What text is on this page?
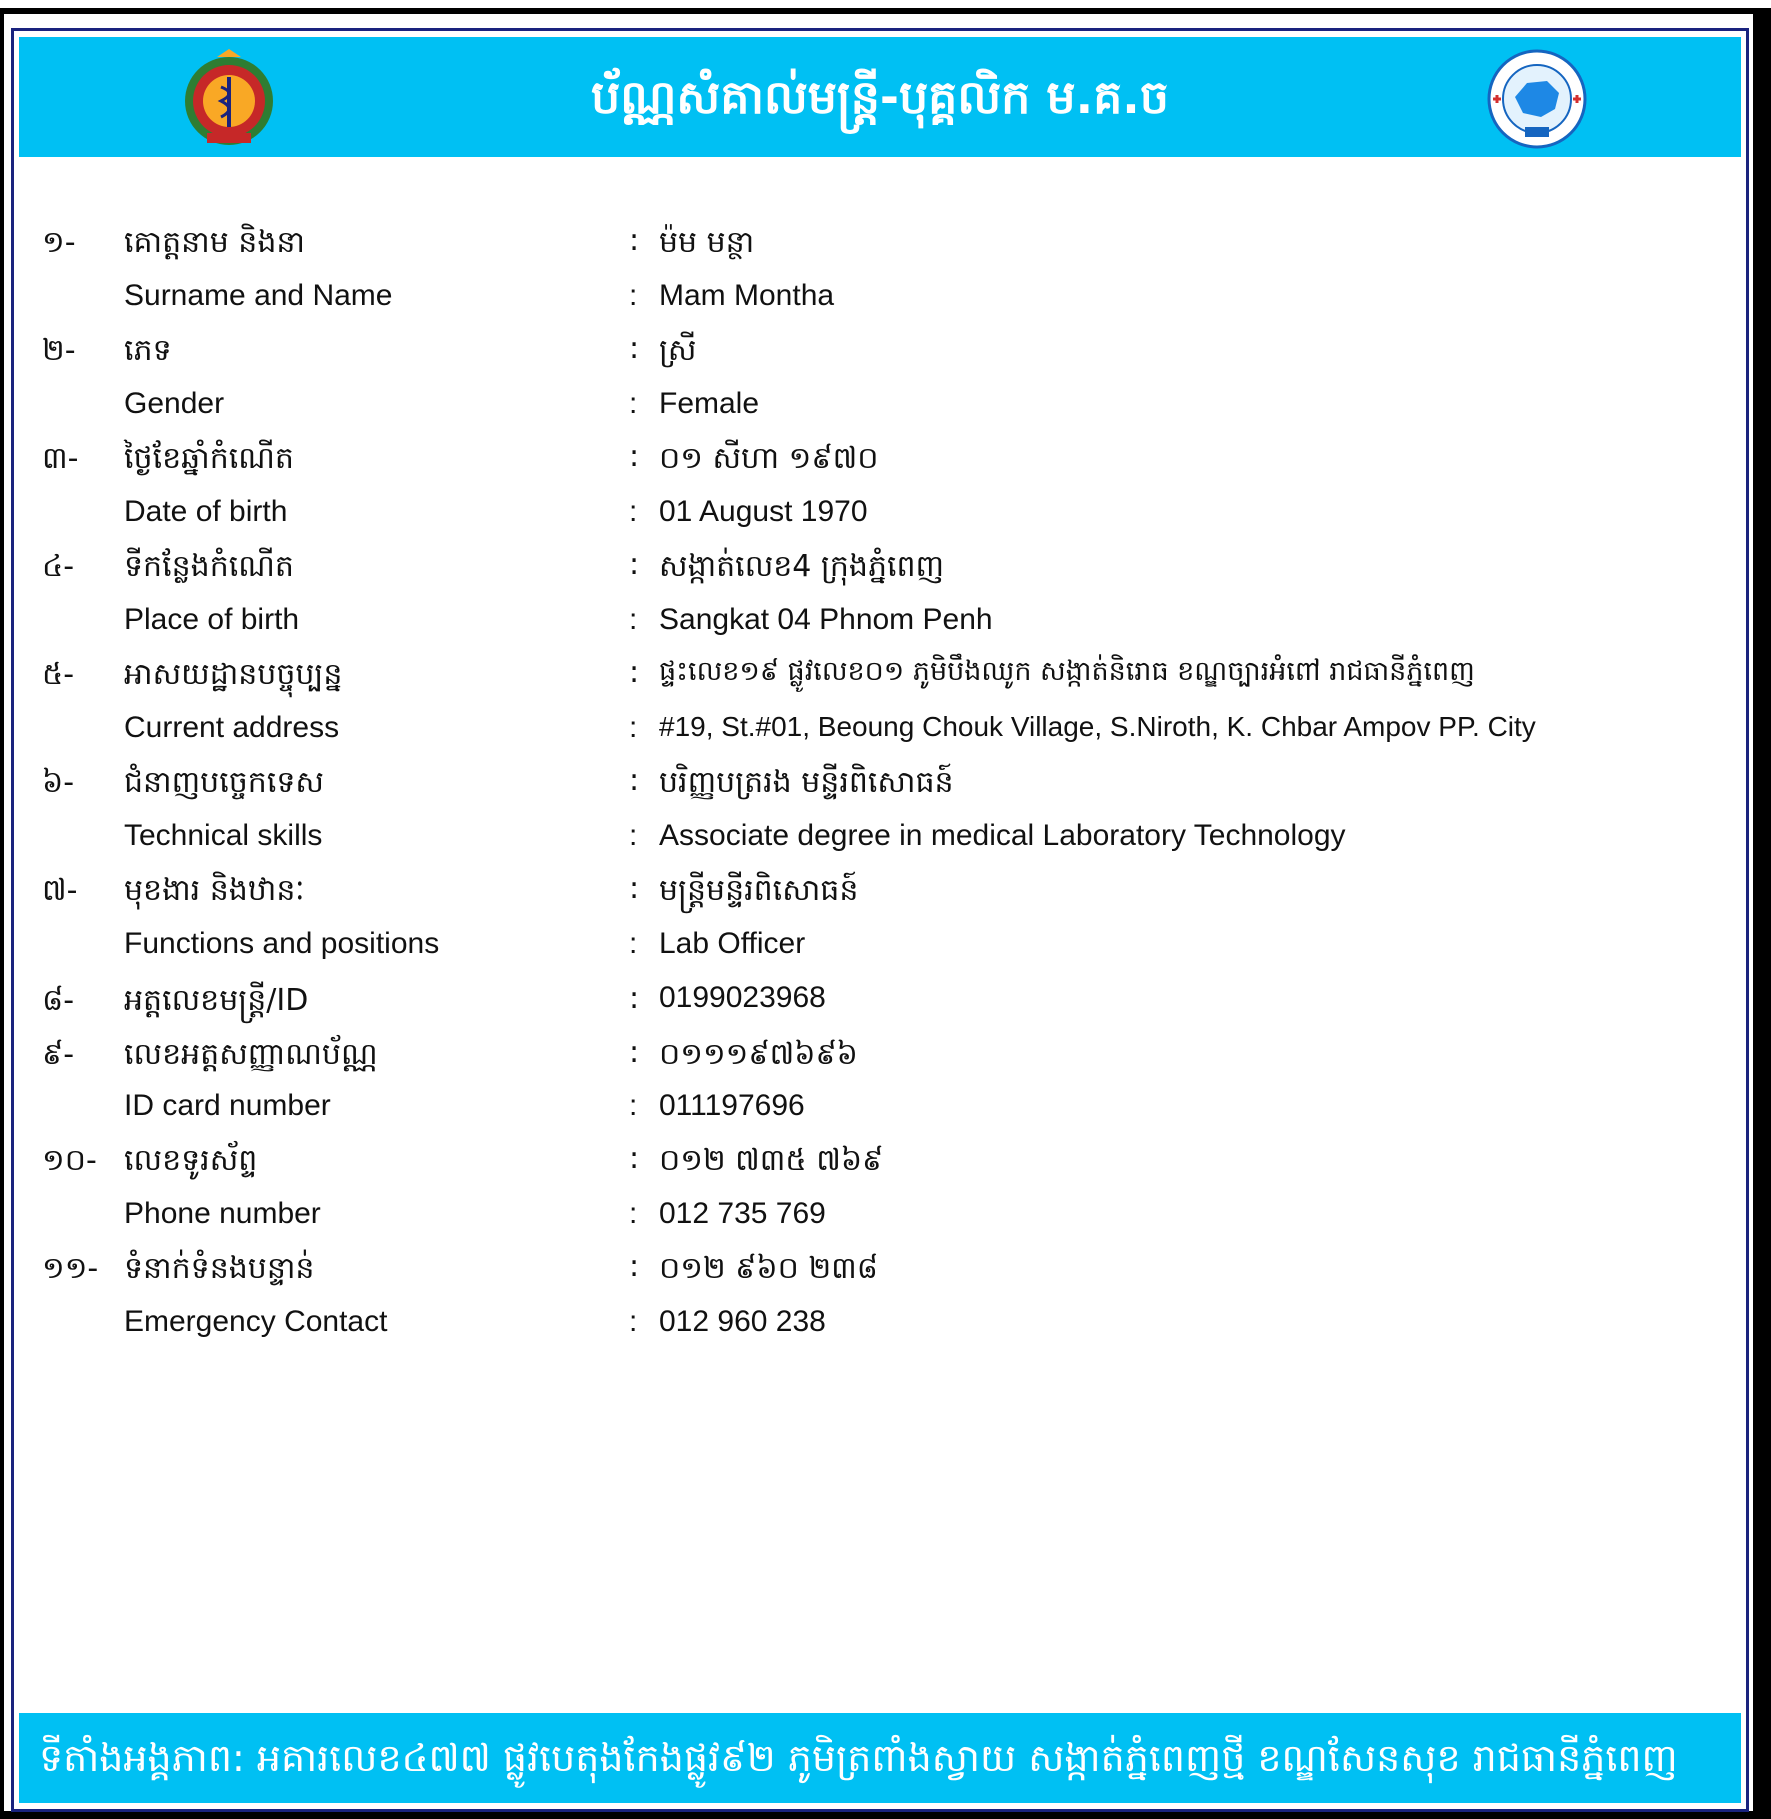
ប័ណ្ណសំគាល់មន្រ្តី-បុគ្គលិក ម.គ.ច
១- គោត្តនាម និងនា	: ម៉ម មន្ថា
Surname and Name	: Mam Montha
២- ភេទ	: ស្រី
Gender	: Female
៣- ថ្ងៃខែឆ្នាំកំណើត	: ០១ សីហា ១៩៧០
Date of birth	: 01 August 1970
៤- ទីកន្លែងកំណើត	: សង្កាត់លេខ4 ក្រុងភ្នំពេញ
Place of birth	: Sangkat 04 Phnom Penh
៥- អាសយដ្ឋានបច្ចុប្បន្ន	: ផ្ទះលេខ១៩ ផ្លូវលេខ០១ ភូមិបឹងឈូក សង្កាត់និរោធ ខណ្ឌច្បារអំពៅ រាជធានីភ្នំពេញ
Current address	: #19, St.#01, Beoung Chouk Village, S.Niroth, K. Chbar Ampov PP. City
៦- ជំនាញបច្ចេកទេស	: បរិញ្ញបត្ររង មន្ទីរពិសោធន៍
Technical skills	: Associate degree in medical Laboratory Technology
៧- មុខងារ និងឋានៈ	: មន្រ្តីមន្ទីរពិសោធន៍
Functions and positions	: Lab Officer
៨- អត្តលេខមន្រ្តី/ID	: 0199023968
៩- លេខអត្តសញ្ញាណប័ណ្ណ	: ០១១១៩៧៦៩៦
ID card number	: 011197696
១០- លេខទូរស័ព្ទ	: ០១២ ៧៣៥ ៧៦៩
Phone number	: 012 735 769
១១- ទំនាក់ទំនងបន្ទាន់	: ០១២ ៩៦០ ២៣៨
Emergency Contact	: 012 960 238
ទីតាំងអង្គភាព: អគារលេខ៤៧៧ ផ្លូវបេតុងកែងផ្លូវ៩២ ភូមិត្រពាំងស្វាយ សង្កាត់ភ្នំពេញថ្មី ខណ្ឌសែនសុខ រាជធានីភ្នំពេញ
